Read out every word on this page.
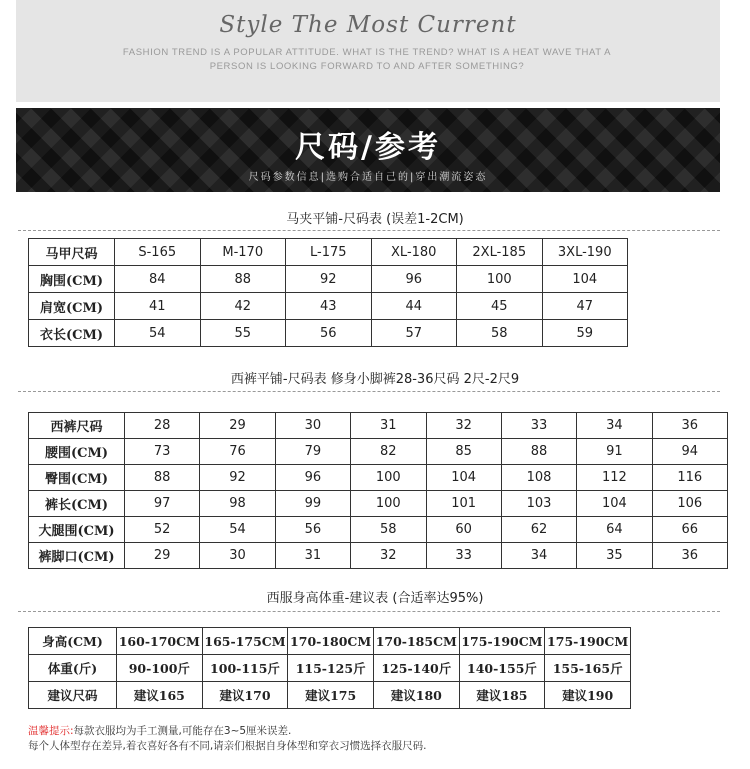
Style The Most Current
FASHION TREND IS A POPULAR ATTITUDE. WHAT IS THE TREND? WHAT IS A HEAT WAVE THAT A
PERSON IS LOOKING FORWARD TO AND AFTER SOMETHING?
尺码/参考
尺码参数信息|选购合适自己的|穿出潮流姿态
马夹平铺-尺码表 (误差1-2CM)
马甲尺码	S-165	M-170	L-175	XL-180	2XL-185	3XL-190
胸围(CM)	84	88	92	96	100	104
肩宽(CM)	41	42	43	44	45	47
衣长(CM)	54	55	56	57	58	59
西裤平铺-尺码表 修身小脚裤28-36尺码 2尺-2尺9
西裤尺码	28	29	30	31	32	33	34	36
腰围(CM)	73	76	79	82	85	88	91	94
臀围(CM)	88	92	96	100	104	108	112	116
裤长(CM)	97	98	99	100	101	103	104	106
大腿围(CM)	52	54	56	58	60	62	64	66
裤脚口(CM)	29	30	31	32	33	34	35	36
西服身高体重-建议表 (合适率达95%)
身高(CM)	160-170CM	165-175CM	170-180CM	170-185CM	175-190CM	175-190CM
体重(斤)	90-100斤	100-115斤	115-125斤	125-140斤	140-155斤	155-165斤
建议尺码	建议165	建议170	建议175	建议180	建议185	建议190
温馨提示:每款衣服均为手工测量,可能存在3~5厘米误差.
每个人体型存在差异,着衣喜好各有不同,请亲们根据自身体型和穿衣习惯选择衣服尺码.
